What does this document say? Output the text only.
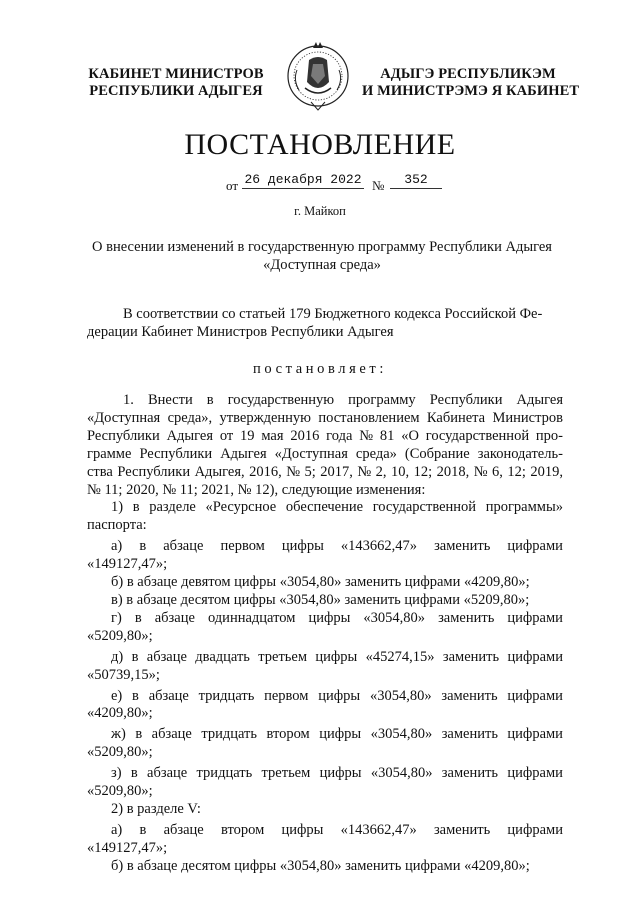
КАБИНЕТ МИНИСТРОВ
РЕСПУБЛИКИ АДЫГЕЯ
АДЫГЭ РЕСПУБЛИКЭМ
И МИНИСТРЭМЭ Я КАБИНЕТ
ПОСТАНОВЛЕНИЕ
от 26 декабря 2022 №	352
г. Майкоп
О внесении изменений в государственную программу Республики Адыгея
«Доступная среда»
В соответствии со статьей 179 Бюджетного кодекса Российской Фе-
дерации Кабинет Министров Республики Адыгея
постановляет:
1. Внести в государственную программу Республики Адыгея
«Доступная среда», утвержденную постановлением Кабинета Министров
Республики Адыгея от 19 мая 2016 года № 81 «О государственной про-
грамме Республики Адыгея «Доступная среда» (Собрание законодатель-
ства Республики Адыгея, 2016, № 5; 2017, № 2, 10, 12; 2018, № 6, 12; 2019,
№ 11; 2020, № 11; 2021, № 12), следующие изменения:
1) в разделе «Ресурсное обеспечение государственной программы»
паспорта:
а) в абзаце первом цифры «143662,47» заменить цифрами
«149127,47»;
б) в абзаце девятом цифры «3054,80» заменить цифрами «4209,80»;
в) в абзаце десятом цифры «3054,80» заменить цифрами «5209,80»;
г) в абзаце одиннадцатом цифры «3054,80» заменить цифрами
«5209,80»;
д) в абзаце двадцать третьем цифры «45274,15» заменить цифрами
«50739,15»;
е) в абзаце тридцать первом цифры «3054,80» заменить цифрами
«4209,80»;
ж) в абзаце тридцать втором цифры «3054,80» заменить цифрами
«5209,80»;
з) в абзаце тридцать третьем цифры «3054,80» заменить цифрами
«5209,80»;
2) в разделе V:
а) в абзаце втором цифры «143662,47» заменить цифрами
«149127,47»;
б) в абзаце десятом цифры «3054,80» заменить цифрами «4209,80»;
